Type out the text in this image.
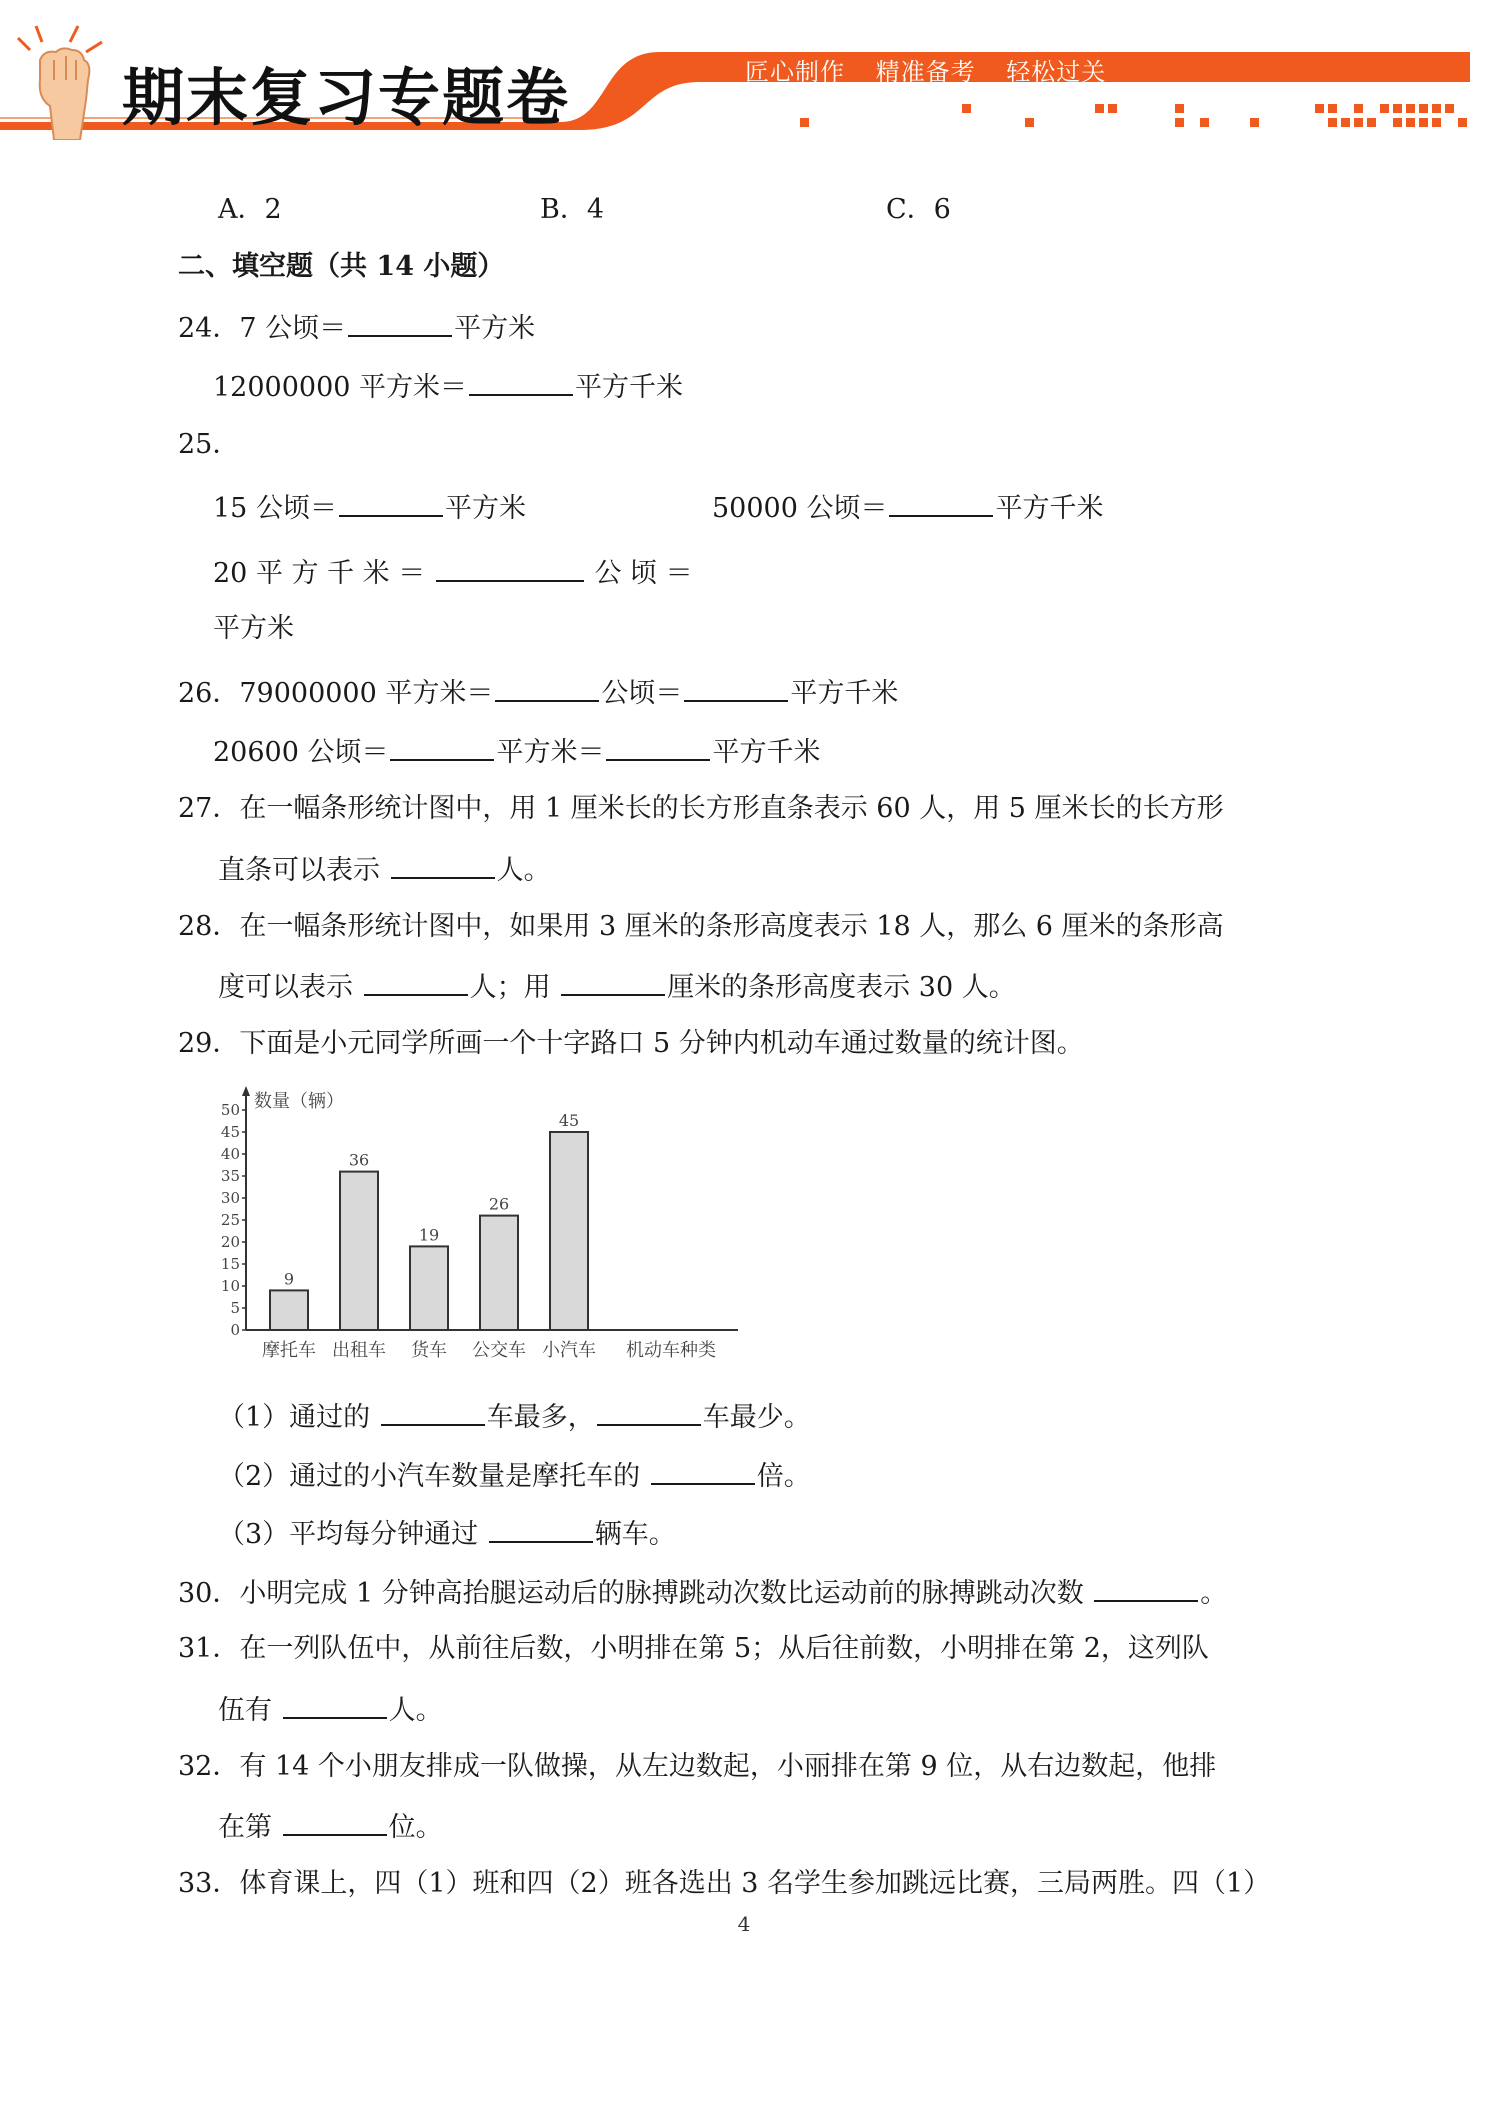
期末复习专题卷	匠心制作 精准备考 轻松过关
A．2	B．4	C．6
二、填空题（共 14 小题）
24．7 公顷＝	平方米
12000000 平方米＝	平方千米
25．
15 公顷＝	平方米	50000 公顷＝	平方千米
20 平 方 千 米 ＝	公 顷 ＝
平方米
26．79000000 平方米＝	公顷＝	平方千米
20600 公顷＝	平方米＝	平方千米
27．在一幅条形统计图中，用 1 厘米长的长方形直条表示 60 人，用 5 厘米长的长方形
直条可以表示	人。
28．在一幅条形统计图中，如果用 3 厘米的条形高度表示 18 人，那么 6 厘米的条形高
度可以表示	人；用	厘米的条形高度表示 30 人。
29．下面是小元同学所画一个十字路口 5 分钟内机动车通过数量的统计图。
数量（辆）
机动车种类
0
5
10
15
20
25
30
35
40
45
50
9
36
19
26
45
摩托车 出租车 货车 公交车 小汽车
（1）通过的	车最多，	车最少。
（2）通过的小汽车数量是摩托车的	倍。
（3）平均每分钟通过	辆车。
30．小明完成 1 分钟高抬腿运动后的脉搏跳动次数比运动前的脉搏跳动次数	。
31．在一列队伍中，从前往后数，小明排在第 5；从后往前数，小明排在第 2，这列队
伍有	人。
32．有 14 个小朋友排成一队做操，从左边数起，小丽排在第 9 位，从右边数起，他排
在第	位。
33．体育课上，四（1）班和四（2）班各选出 3 名学生参加跳远比赛，三局两胜。四（1）
4
